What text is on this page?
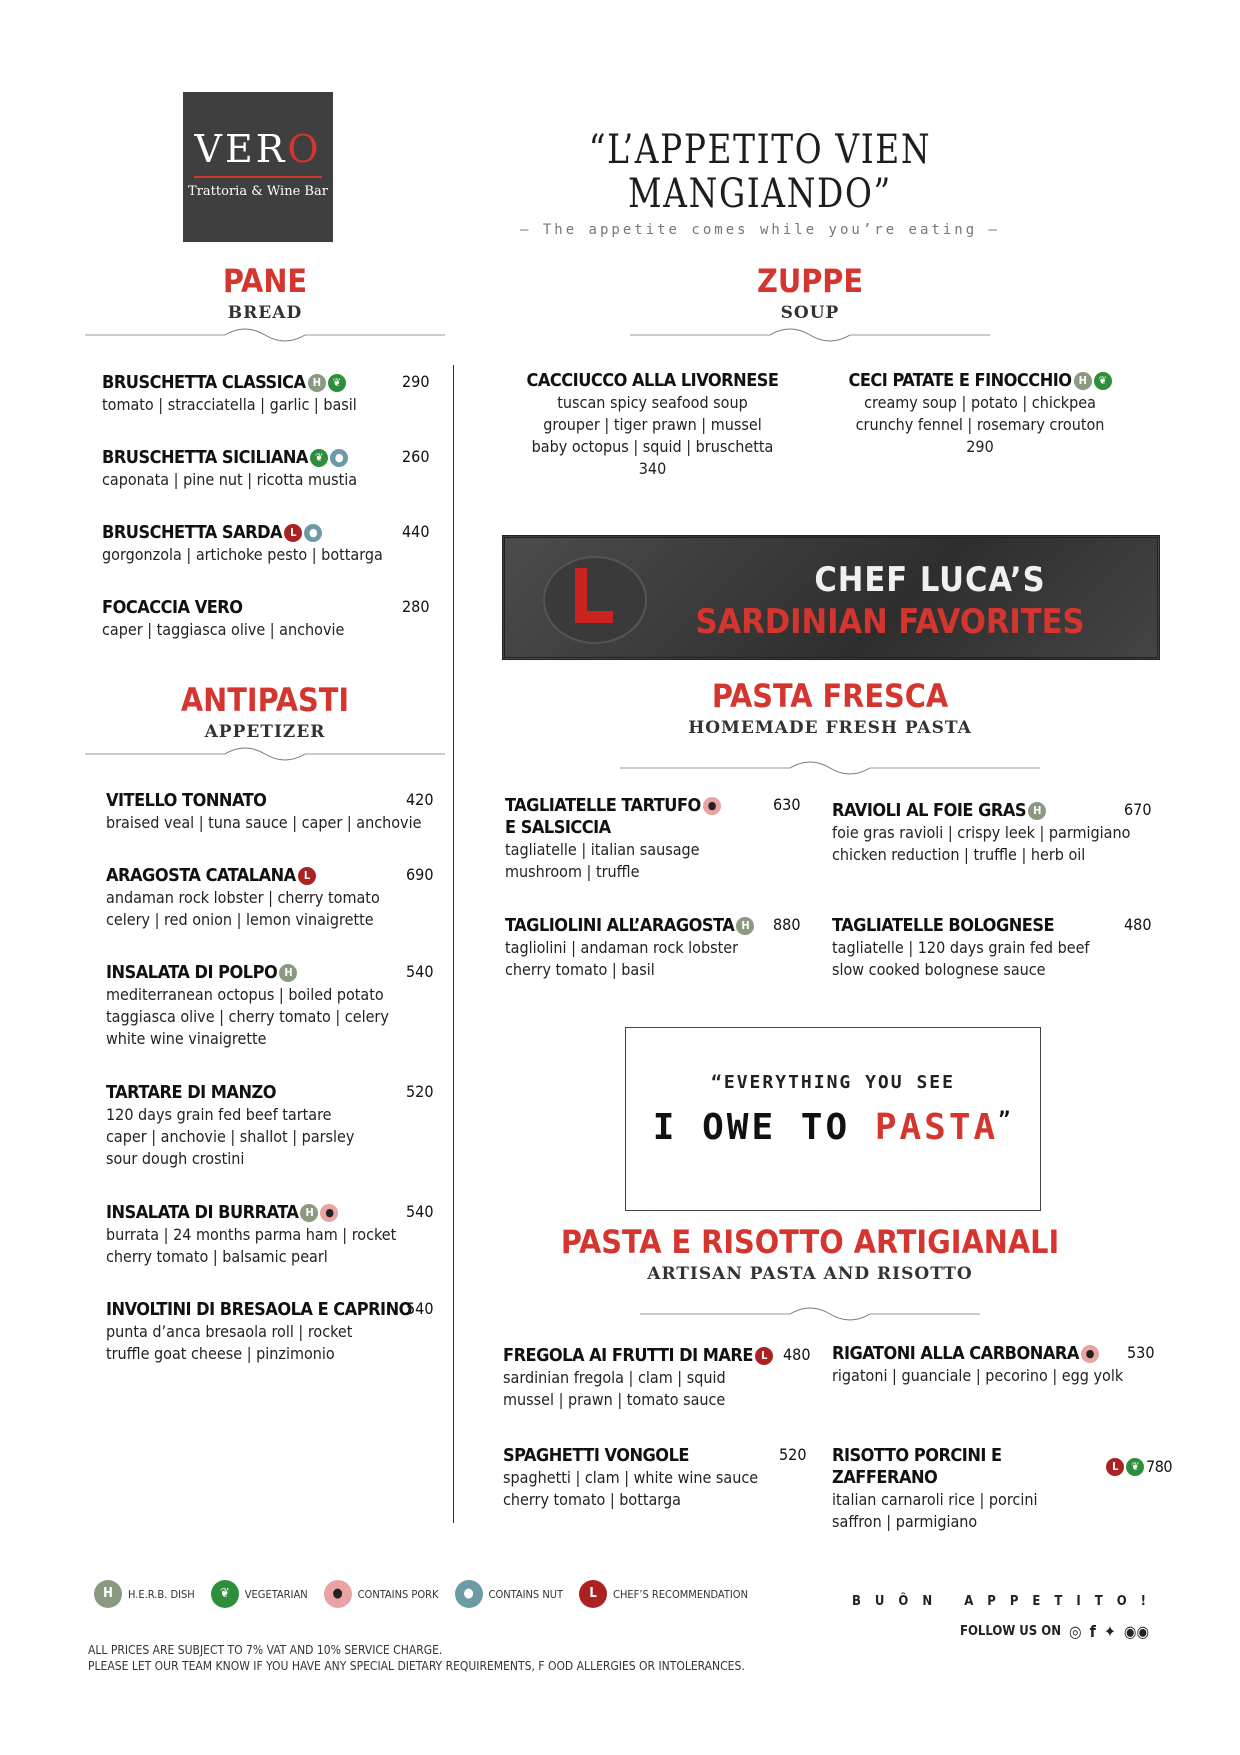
VERO
Trattoria & Wine Bar
“L’APPETITO VIEN MANGIANDO”
– The appetite comes while you’re eating –
PANE
BREAD
BRUSCHETTA CLASSICA H	❦	290
tomato | stracciatella | garlic | basil
BRUSCHETTA SICILIANA ❦	●	260
caponata | pine nut | ricotta mustia
BRUSCHETTA SARDA L	●	440
gorgonzola | artichoke pesto | bottarga
FOCACCIA VERO	280
caper | taggiasca olive | anchovie
ANTIPASTI
APPETIZER
VITELLO TONNATO	420
braised veal | tuna sauce | caper | anchovie
ARAGOSTA CATALANA L	690
andaman rock lobster | cherry tomato
celery | red onion | lemon vinaigrette
INSALATA DI POLPO H	540
mediterranean octopus | boiled potato
taggiasca olive | cherry tomato | celery
white wine vinaigrette
TARTARE DI MANZO	520
120 days grain fed beef tartare
caper | anchovie | shallot | parsley
sour dough crostini
INSALATA DI BURRATA H	●	540
burrata | 24 months parma ham | rocket
cherry tomato | balsamic pearl
INVOLTINI DI BRESAOLA E CAPRINO
540
punta d’anca bresaola roll | rocket
truffle goat cheese | pinzimonio
ZUPPE
SOUP
CACCIUCCO ALLA LIVORNESE
tuscan spicy seafood soup
grouper | tiger prawn | mussel
baby octopus | squid | bruschetta
340
CECI PATATE E FINOCCHIO H	❦
creamy soup | potato | chickpea
crunchy fennel | rosemary crouton
290
CHEF LUCA’S
SARDINIAN FAVORITES
PASTA FRESCA
HOMEMADE FRESH PASTA
TAGLIATELLE TARTUFO ●
E SALSICCIA
630
tagliatelle | italian sausage
mushroom | truffle
RAVIOLI AL FOIE GRAS H	670
foie gras ravioli | crispy leek | parmigiano
chicken reduction | truffle | herb oil
TAGLIOLINI ALL’ARAGOSTA H	880
tagliolini | andaman rock lobster
cherry tomato | basil
TAGLIATELLE BOLOGNESE	480
tagliatelle | 120 days grain fed beef
slow cooked bolognese sauce
“EVERYTHING YOU SEE
I OWE TO PASTA”
PASTA E RISOTTO ARTIGIANALI
ARTISAN PASTA AND RISOTTO
FREGOLA AI FRUTTI DI MARE L	480
sardinian fregola | clam | squid
mussel | prawn | tomato sauce
RIGATONI ALLA CARBONARA ●	530
rigatoni | guanciale | pecorino | egg yolk
SPAGHETTI VONGOLE	520
spaghetti | clam | white wine sauce
cherry tomato | bottarga
RISOTTO PORCINI E ZAFFERANO
L	❦ 780
italian carnaroli rice | porcini
saffron | parmigiano
H	H.E.R.B. DISH	❦	VEGETARIAN	●	CONTAINS PORK	●	CONTAINS NUT	L	CHEF’S RECOMMENDATION	BUÔN APPETITO!
FOLLOW US ON ◎ f ✦ ◉◉
ALL PRICES ARE SUBJECT TO 7% VAT AND 10% SERVICE CHARGE.
PLEASE LET OUR TEAM KNOW IF YOU HAVE ANY SPECIAL DIETARY REQUIREMENTS, F OOD ALLERGIES OR INTOLERANCES.
